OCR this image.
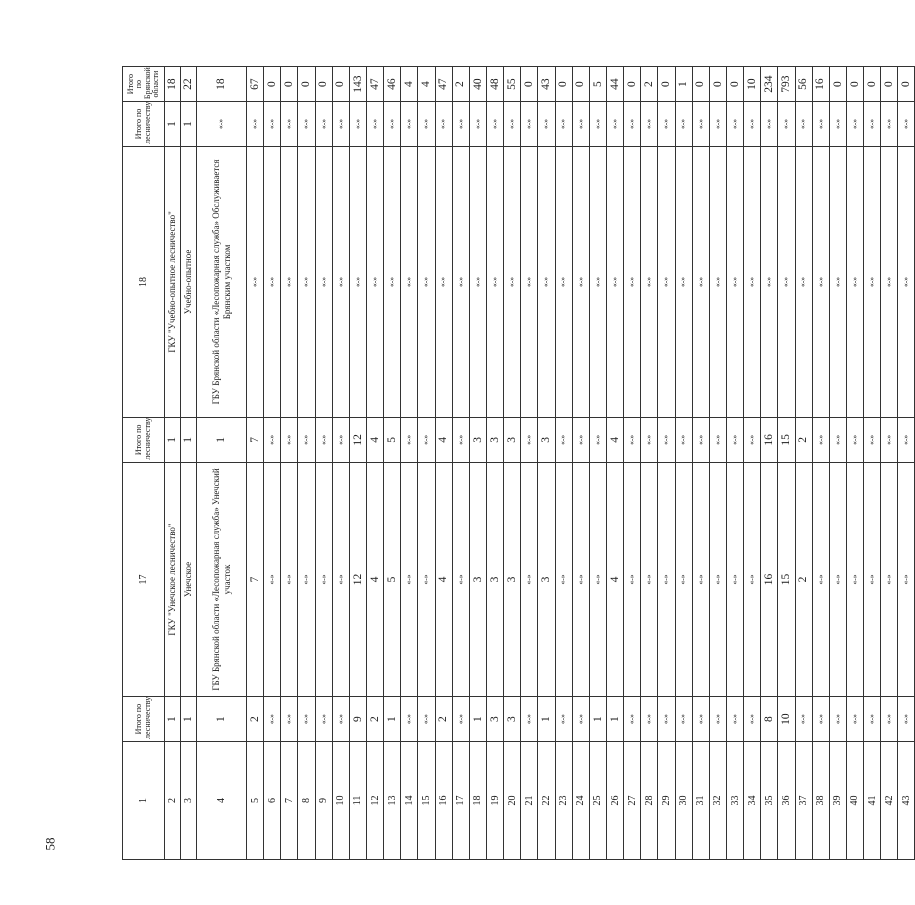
1	Итого по лесничеству	17	Итого по лесничеству	18	Итого по лесничеству	Итого по Брянской области
2	1	ГКУ "Унечское лесничество"	1	ГКУ "Учебно-опытное лесничество"	1	18
3	1	Унечское	1	Учебно-опытное	1	22
4	1	ГБУ Брянской области «Лесопожарная служба» Унечский участок	1	ГБУ Брянской области «Лесопожарная служба» Обслуживается Брянским участком	«-»	18
5	2	7	7	«-»	«-»	67
6	«-»	«-»	«-»	«-»	«-»	0
7	«-»	«-»	«-»	«-»	«-»	0
8	«-»	«-»	«-»	«-»	«-»	0
9	«-»	«-»	«-»	«-»	«-»	0
10	«-»	«-»	«-»	«-»	«-»	0
11	9	12	12	«-»	«-»	143
12	2	4	4	«-»	«-»	47
13	1	5	5	«-»	«-»	46
14	«-»	«-»	«-»	«-»	«-»	4
15	«-»	«-»	«-»	«-»	«-»	4
16	2	4	4	«-»	«-»	47
17	«-»	«-»	«-»	«-»	«-»	2
18	1	3	3	«-»	«-»	40
19	3	3	3	«-»	«-»	48
20	3	3	3	«-»	«-»	55
21	«-»	«-»	«-»	«-»	«-»	0
22	1	3	3	«-»	«-»	43
23	«-»	«-»	«-»	«-»	«-»	0
24	«-»	«-»	«-»	«-»	«-»	0
25	1	«-»	«-»	«-»	«-»	5
26	1	4	4	«-»	«-»	44
27	«-»	«-»	«-»	«-»	«-»	0
28	«-»	«-»	«-»	«-»	«-»	2
29	«-»	«-»	«-»	«-»	«-»	0
30	«-»	«-»	«-»	«-»	«-»	1
31	«-»	«-»	«-»	«-»	«-»	0
32	«-»	«-»	«-»	«-»	«-»	0
33	«-»	«-»	«-»	«-»	«-»	0
34	«-»	«-»	«-»	«-»	«-»	10
35	8	16	16	«-»	«-»	234
36	10	15	15	«-»	«-»	793
37	«-»	2	2	«-»	«-»	56
38	«-»	«-»	«-»	«-»	«-»	16
39	«-»	«-»	«-»	«-»	«-»	0
40	«-»	«-»	«-»	«-»	«-»	0
41	«-»	«-»	«-»	«-»	«-»	0
42	«-»	«-»	«-»	«-»	«-»	0
43	«-»	«-»	«-»	«-»	«-»	0
58
